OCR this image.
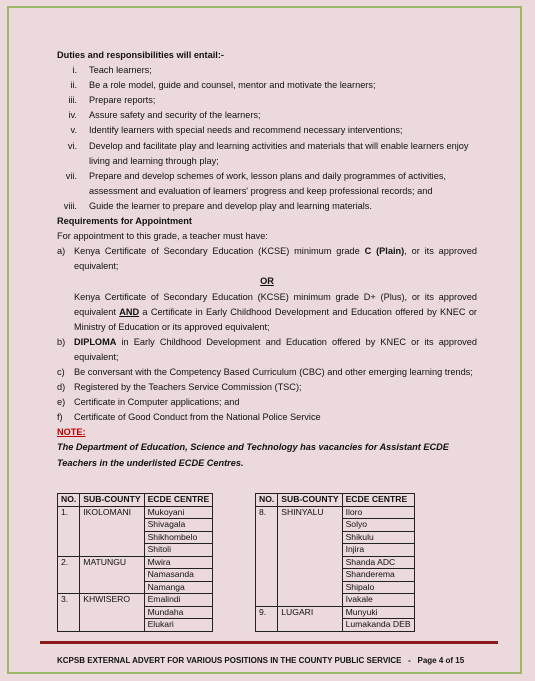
Duties and responsibilities will entail:-
i. Teach learners;
ii. Be a role model, guide and counsel, mentor and motivate the learners;
iii. Prepare reports;
iv. Assure safety and security of the learners;
v. Identify learners with special needs and recommend necessary interventions;
vi. Develop and facilitate play and learning activities and materials that will enable learners enjoy living and learning through play;
vii. Prepare and develop schemes of work, lesson plans and daily programmes of activities, assessment and evaluation of learners' progress and keep professional records; and
viii. Guide the learner to prepare and develop play and learning materials.
Requirements for Appointment
For appointment to this grade, a teacher must have:
a) Kenya Certificate of Secondary Education (KCSE) minimum grade C (Plain), or its approved equivalent;
OR
Kenya Certificate of Secondary Education (KCSE) minimum grade D+ (Plus), or its approved equivalent AND a Certificate in Early Childhood Development and Education offered by KNEC or Ministry of Education or its approved equivalent;
b) DIPLOMA in Early Childhood Development and Education offered by KNEC or its approved equivalent;
c) Be conversant with the Competency Based Curriculum (CBC) and other emerging learning trends;
d) Registered by the Teachers Service Commission (TSC);
e) Certificate in Computer applications; and
f) Certificate of Good Conduct from the National Police Service
NOTE:
The Department of Education, Science and Technology has vacancies for Assistant ECDE Teachers in the underlisted ECDE Centres.
NO.	SUB-COUNTY	ECDE CENTRE
1.	IKOLOMANI	Mukoyani
		Shivagala
		Shikhombelo
		Shitoli
2.	MATUNGU	Mwira
		Namasanda
		Namanga
3.	KHWISERO	Emalindi
		Mundaha
		Elukari
NO.	SUB-COUNTY	ECDE CENTRE
8.	SHINYALU	Iloro
		Solyo
		Shikulu
		Injira
		Shanda ADC
		Shanderema
		Shipalo
		Ivakale
9.	LUGARI	Munyuki
		Lumakanda DEB
KCPSB EXTERNAL ADVERT FOR VARIOUS POSITIONS IN THE COUNTY PUBLIC SERVICE   -   Page 4 of 15
